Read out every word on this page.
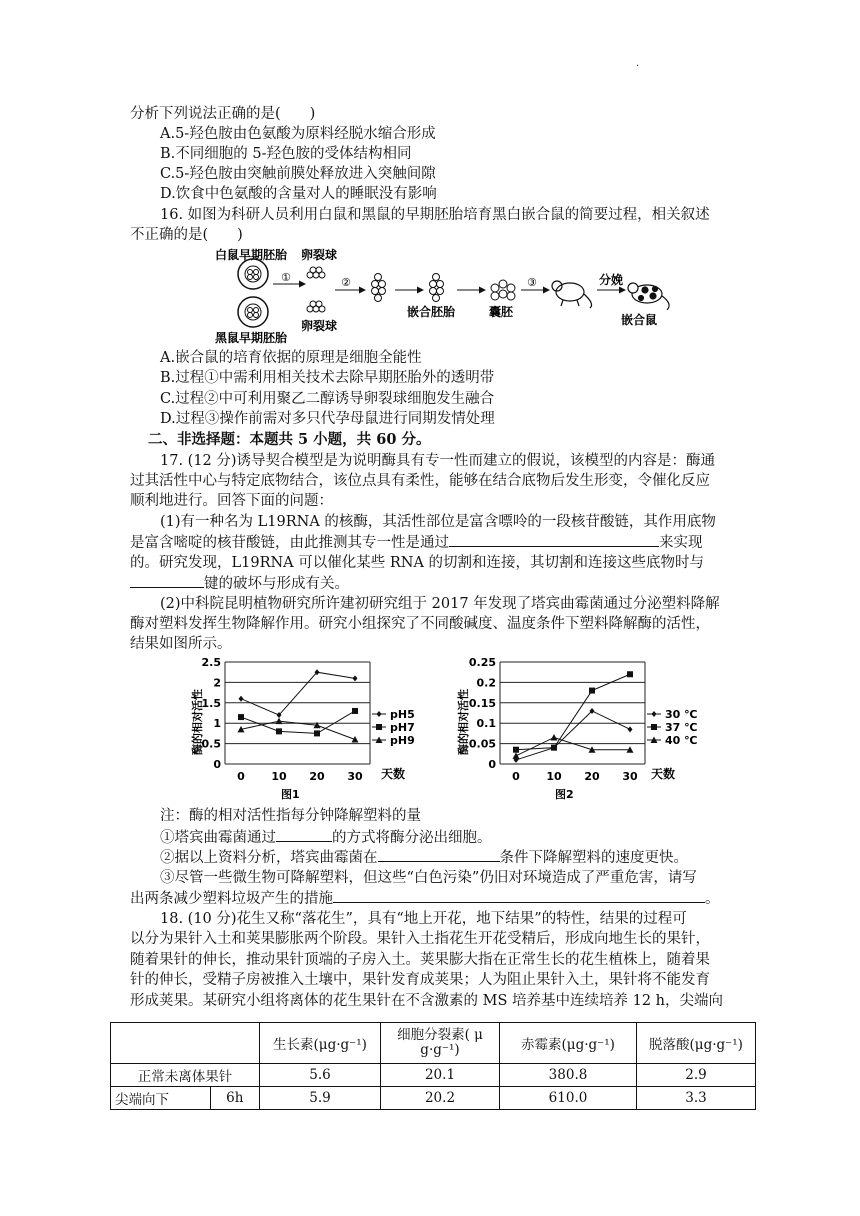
.
分析下列说法正确的是(　　)
A.5-羟色胺由色氨酸为原料经脱水缩合形成
B.不同细胞的 5-羟色胺的受体结构相同
C.5-羟色胺由突触前膜处释放进入突触间隙
D.饮食中色氨酸的含量对人的睡眠没有影响
16. 如图为科研人员利用白鼠和黑鼠的早期胚胎培育黑白嵌合鼠的简要过程，相关叙述
不正确的是(　　)
白鼠早期胚胎
黑鼠早期胚胎
①
卵裂球
卵裂球
②
嵌合胚胎	囊胚
③	分娩
嵌合鼠
A.嵌合鼠的培育依据的原理是细胞全能性
B.过程①中需利用相关技术去除早期胚胎外的透明带
C.过程②中可利用聚乙二醇诱导卵裂球细胞发生融合
D.过程③操作前需对多只代孕母鼠进行同期发情处理
二、非选择题：本题共 5 小题，共 60 分。
17. (12 分)诱导契合模型是为说明酶具有专一性而建立的假说，该模型的内容是：酶通
过其活性中心与特定底物结合，该位点具有柔性，能够在结合底物后发生形变，令催化反应
顺利地进行。回答下面的问题：
(1)有一种名为 L19RNA 的核酶，其活性部位是富含嘌呤的一段核苷酸链，其作用底物
是富含嘧啶的核苷酸链，由此推测其专一性是通过	来实现
的。研究发现，L19RNA 可以催化某些 RNA 的切割和连接，其切割和连接这些底物时与
键的破坏与形成有关。
(2)中科院昆明植物研究所许建初研究组于 2017 年发现了塔宾曲霉菌通过分泌塑料降解
酶对塑料发挥生物降解作用。研究小组探究了不同酸碱度、温度条件下塑料降解酶的活性，
结果如图所示。
酶的相对活性
0
0.5
1
1.5
2
2.5
0 10 20 30
pH5
pH7
pH9
天数
图1
酶的相对活性
0
0.05
0.1
0.15
0.2
0.25
0 10 20 30
30 ℃
37 ℃
40 ℃
天数
图2
注：酶的相对活性指每分钟降解塑料的量
①塔宾曲霉菌通过	的方式将酶分泌出细胞。
②据以上资料分析，塔宾曲霉菌在	条件下降解塑料的速度更快。
③尽管一些微生物可降解塑料，但这些“白色污染”仍旧对环境造成了严重危害，请写
出两条减少塑料垃圾产生的措施	。
18. (10 分)花生又称“落花生”，具有“地上开花，地下结果”的特性，结果的过程可
以分为果针入土和荚果膨胀两个阶段。果针入土指花生开花受精后，形成向地生长的果针，
随着果针的伸长，推动果针顶端的子房入土。荚果膨大指在正常生长的花生植株上，随着果
针的伸长，受精子房被推入土壤中，果针发育成荚果；人为阻止果针入土，果针将不能发育
形成荚果。某研究小组将离体的花生果针在不含激素的 MS 培养基中连续培养 12 h，尖端向
		生长素(μg·g⁻¹)	细胞分裂素( μ g·g⁻¹)	赤霉素(μg·g⁻¹)	脱落酸(μg·g⁻¹)
正常未离体果针		5.6	20.1	380.8	2.9
尖端向下	6h	5.9	20.2	610.0	3.3
